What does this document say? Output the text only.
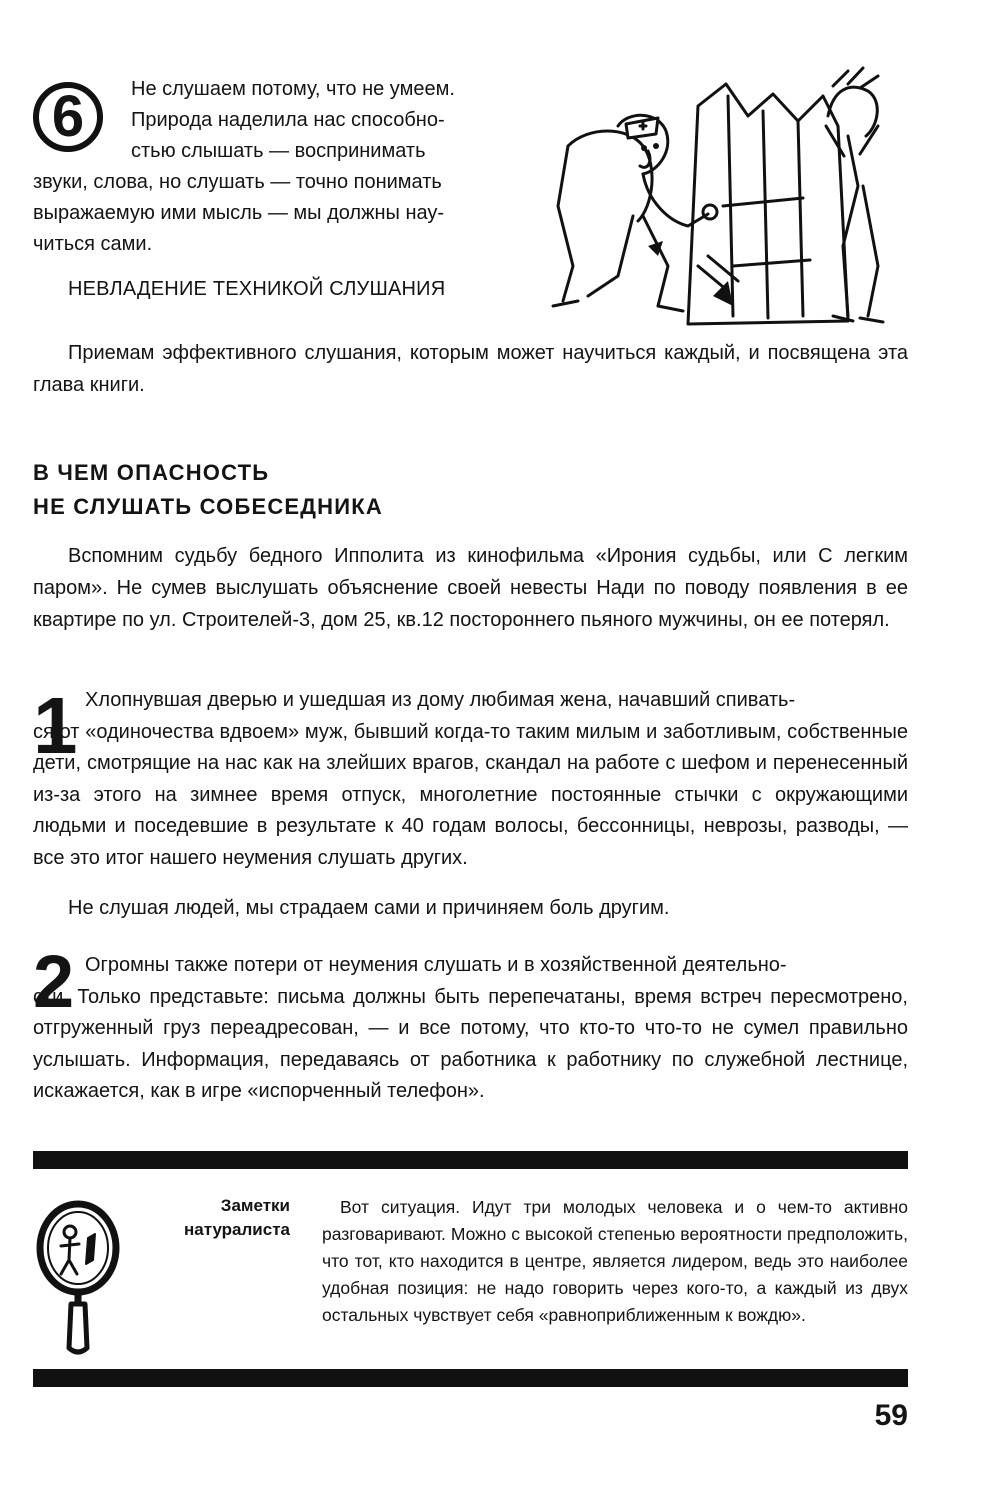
6	Не слушаем потому, что не умеем.
Природа наделила нас способно-
стью слышать — воспринимать
звуки, слова, но слушать — точно понимать
выражаемую ими мысль — мы должны нау-
читься сами.

НЕВЛАДЕНИЕ ТЕХНИКОЙ СЛУШАНИЯ

Приемам эффективного слушания, которым может научиться каждый, и посвящена эта глава книги.

В ЧЕМ ОПАСНОСТЬ
НЕ СЛУШАТЬ СОБЕСЕДНИКА

Вспомним судьбу бедного Ипполита из кинофильма «Ирония судьбы, или С легким паром». Не сумев выслушать объяснение своей невесты Нади по поводу появления в ее квартире по ул. Строителей-3, дом 25, кв.12 постороннего пьяного мужчины, он ее потерял.

1 Хлопнувшая дверью и ушедшая из дому любимая жена, начавший спивать-
ся от «одиночества вдвоем» муж, бывший когда-то таким милым и заботливым, собственные дети, смотрящие на нас как на злейших врагов, скандал на работе с шефом и перенесенный из-за этого на зимнее время отпуск, многолетние постоянные стычки с окружающими людьми и поседевшие в результате к 40 годам волосы, бессонницы, неврозы, разводы, — все это итог нашего неумения слушать других.

Не слушая людей, мы страдаем сами и причиняем боль другим.

2 Огромны также потери от неумения слушать и в хозяйственной деятельно-
сти. Только представьте: письма должны быть перепечатаны, время встреч пересмотрено, отгруженный груз переадресован, — и все потому, что кто-то что-то не сумел правильно услышать. Информация, передаваясь от работника к работнику по служебной лестнице, искажается, как в игре «испорченный телефон».

Заметки
натуралиста

Вот ситуация. Идут три молодых человека и о чем-то активно разговаривают. Можно с высокой степенью вероятности предположить, что тот, кто находится в центре, является лидером, ведь это наиболее удобная позиция: не надо говорить через кого-то, а каждый из двух остальных чувствует себя «равноприближенным к вождю».

59
